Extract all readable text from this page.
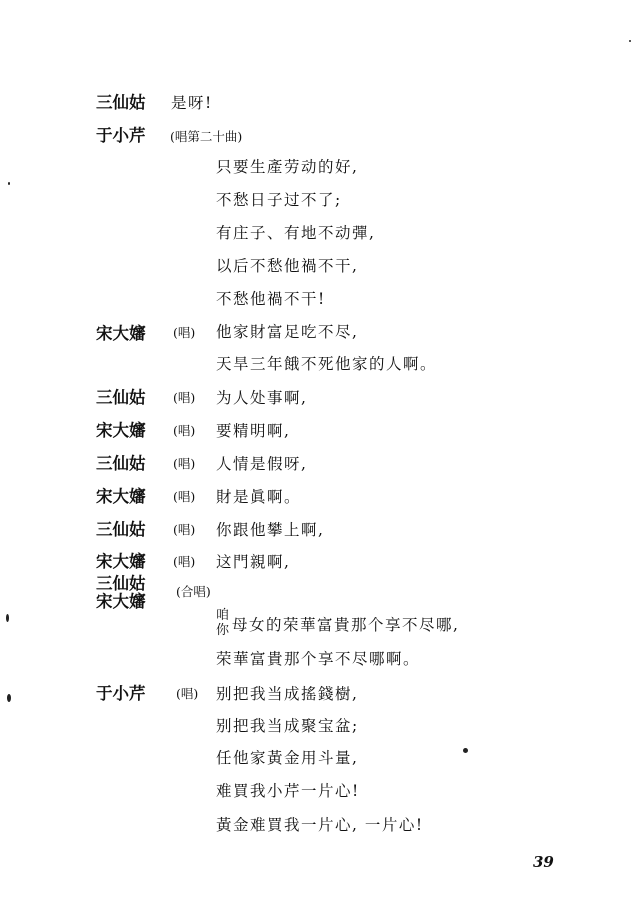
三仙姑 是呀!
于小芹 (唱第二十曲)
只要生產劳动的好,
不愁日子过不了;
有庄子、有地不动彈,
以后不愁他禍不干,
不愁他禍不干!
宋大嬸 (唱) 他家財富足吃不尽,
天旱三年餓不死他家的人啊。
三仙姑 (唱) 为人处事啊,
宋大嬸 (唱) 要精明啊,
三仙姑 (唱) 人情是假呀,
宋大嬸 (唱) 財是眞啊。
三仙姑 (唱) 你跟他攀上啊,
宋大嬸 (唱) 这門親啊,
三仙姑
宋大嬸
(合唱)
咱
你 母女的荣華富貴那个享不尽哪,
荣華富貴那个享不尽哪啊。
于小芹 (唱) 别把我当成搖錢樹,
别把我当成聚宝盆;
任他家黃金用斗量,
难買我小芹一片心!
黃金难買我一片心, 一片心!
39
